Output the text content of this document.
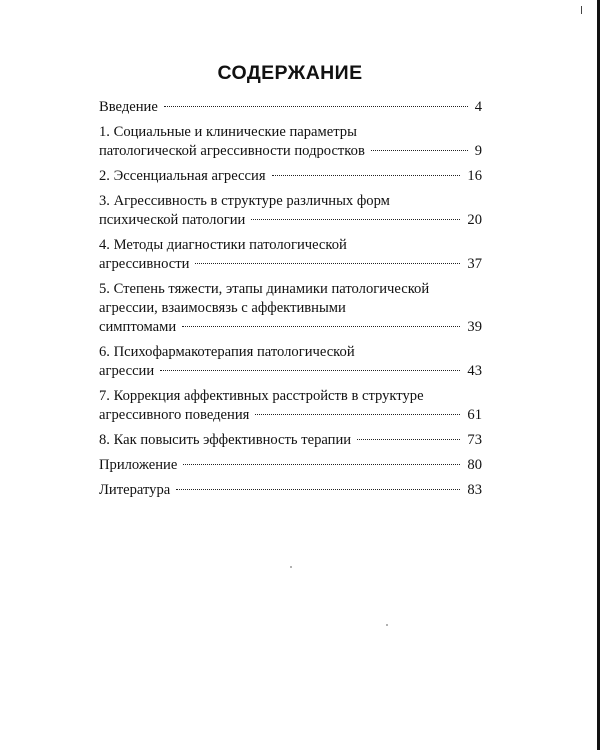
СОДЕРЖАНИЕ
Введение	4
1. Социальные и клинические параметры
патологической агрессивности подростков	9
2. Эссенциальная агрессия	16
3. Агрессивность в структуре различных форм
психической патологии	20
4. Методы диагностики патологической
агрессивности	37
5. Степень тяжести, этапы динамики патологической
агрессии, взаимосвязь с аффективными
симптомами	39
6. Психофармакотерапия патологической
агрессии	43
7. Коррекция аффективных расстройств в структуре
агрессивного поведения	61
8. Как повысить эффективность терапии	73
Приложение	80
Литература	83
